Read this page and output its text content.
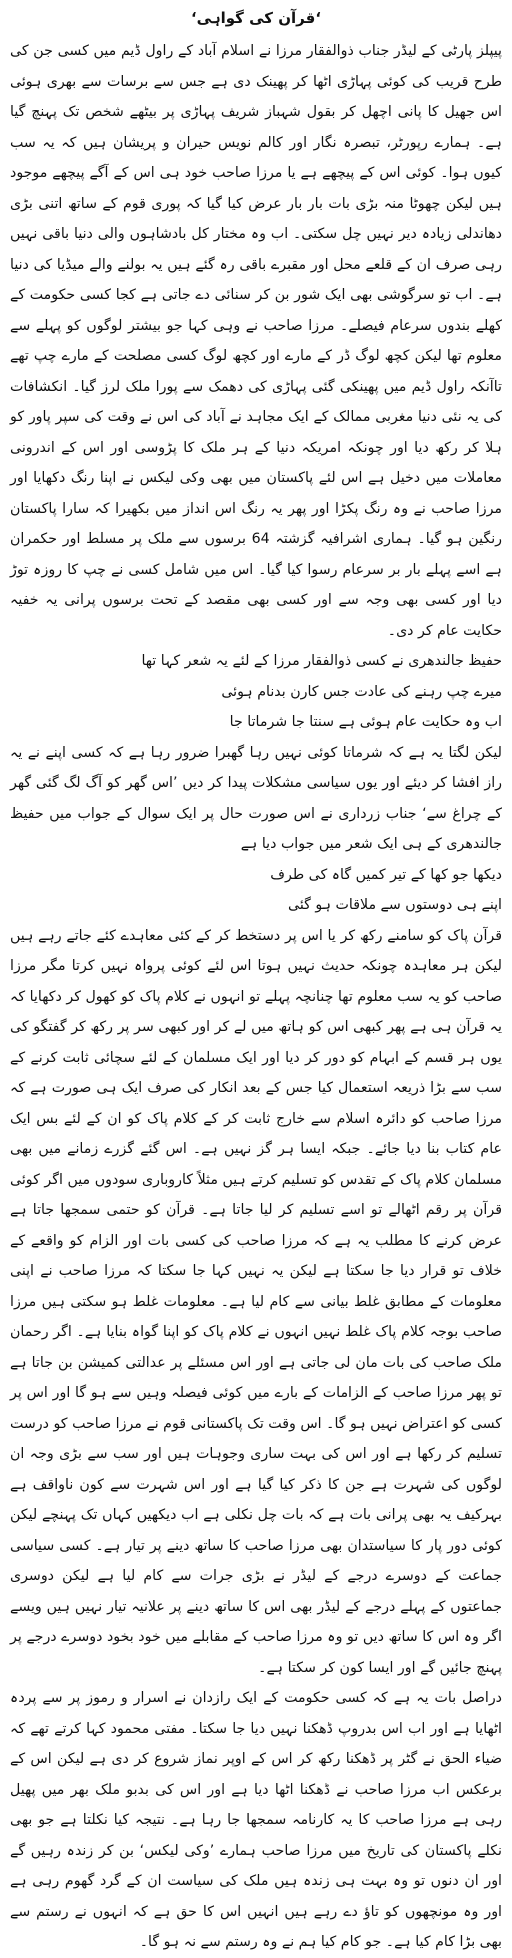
‘قرآن کی گواہی‘

پیپلز پارٹی کے لیڈر جناب ذوالفقار مرزا نے اسلام آباد کے راول ڈیم میں کسی جن کی طرح قریب کی کوئی پہاڑی اٹھا کر پھینک دی ہے جس سے برسات سے بھری ہوئی اس جھیل کا پانی اچھل کر بقول شہباز شریف پہاڑی پر بیٹھے شخص تک پہنچ گیا ہے۔ ہمارے رپورٹر، تبصرہ نگار اور کالم نویس حیران و پریشان ہیں کہ یہ سب کیوں ہوا۔ کوئی اس کے پیچھے ہے یا مرزا صاحب خود ہی اس کے آگے پیچھے موجود ہیں لیکن چھوٹا منہ بڑی بات بار بار عرض کیا گیا کہ پوری قوم کے ساتھ اتنی بڑی دھاندلی زیادہ دیر نہیں چل سکتی۔ اب وہ مختار کل بادشاہوں والی دنیا باقی نہیں رہی صرف ان کے قلعے محل اور مقبرے باقی رہ گئے ہیں یہ بولنے والے میڈیا کی دنیا ہے۔ اب تو سرگوشی بھی ایک شور بن کر سنائی دے جاتی ہے کجا کسی حکومت کے کھلے بندوں سرعام فیصلے۔ مرزا صاحب نے وہی کہا جو بیشتر لوگوں کو پہلے سے معلوم تھا لیکن کچھ لوگ ڈر کے مارے اور کچھ لوگ کسی مصلحت کے مارے چپ تھے تاآنکہ راول ڈیم میں پھینکی گئی پہاڑی کی دھمک سے پورا ملک لرز گیا۔ انکشافات کی یہ نئی دنیا مغربی ممالک کے ایک مجاہد نے آباد کی اس نے وقت کی سپر پاور کو ہلا کر رکھ دیا اور چونکہ امریکہ دنیا کے ہر ملک کا پڑوسی اور اس کے اندرونی معاملات میں دخیل ہے اس لئے پاکستان میں بھی وکی لیکس نے اپنا رنگ دکھایا اور مرزا صاحب نے وہ رنگ پکڑا اور پھر یہ رنگ اس انداز میں بکھیرا کہ سارا پاکستان رنگین ہو گیا۔ ہماری اشرافیہ گزشتہ 64 برسوں سے ملک پر مسلط اور حکمران ہے اسے پہلے بار بر سرعام رسوا کیا گیا۔ اس میں شامل کسی نے چپ کا روزہ توڑ دیا اور کسی بھی وجہ سے اور کسی بھی مقصد کے تحت برسوں پرانی یہ خفیہ حکایت عام کر دی۔

حفیظ جالندھری نے کسی ذوالفقار مرزا کے لئے یہ شعر کہا تھا

میرے چپ رہنے کی عادت جس کارن بدنام ہوئی
اب وہ حکایت عام ہوئی ہے سنتا جا شرماتا جا

لیکن لگتا یہ ہے کہ شرماتا کوئی نہیں رہا گھبرا ضرور رہا ہے کہ کسی اپنے نے یہ راز افشا کر دیئے اور یوں سیاسی مشکلات پیدا کر دیں ’اس گھر کو آگ لگ گئی گھر کے چراغ سے‘ جناب زرداری نے اس صورت حال پر ایک سوال کے جواب میں حفیظ جالندھری کے ہی ایک شعر میں جواب دیا ہے

دیکھا جو کھا کے تیر کمیں گاہ کی طرف
اپنے ہی دوستوں سے ملاقات ہو گئی

قرآن پاک کو سامنے رکھ کر یا اس پر دستخط کر کے کئی معاہدے کئے جاتے رہے ہیں لیکن ہر معاہدہ چونکہ حدیث نہیں ہوتا اس لئے کوئی پرواہ نہیں کرتا مگر مرزا صاحب کو یہ سب معلوم تھا چنانچہ پہلے تو انہوں نے کلام پاک کو کھول کر دکھایا کہ یہ قرآن ہی ہے پھر کبھی اس کو ہاتھ میں لے کر اور کبھی سر پر رکھ کر گفتگو کی یوں ہر قسم کے ابہام کو دور کر دیا اور ایک مسلمان کے لئے سچائی ثابت کرنے کے سب سے بڑا ذریعہ استعمال کیا جس کے بعد انکار کی صرف ایک ہی صورت ہے کہ مرزا صاحب کو دائرہ اسلام سے خارج ثابت کر کے کلام پاک کو ان کے لئے بس ایک عام کتاب بنا دیا جائے۔ جبکہ ایسا ہر گز نہیں ہے۔ اس گئے گزرے زمانے میں بھی مسلمان کلام پاک کے تقدس کو تسلیم کرتے ہیں مثلاً کاروباری سودوں میں اگر کوئی قرآن پر رقم اٹھالے تو اسے تسلیم کر لیا جاتا ہے۔ قرآن کو حتمی سمجھا جاتا ہے عرض کرنے کا مطلب یہ ہے کہ مرزا صاحب کی کسی بات اور الزام کو واقعے کے خلاف تو قرار دیا جا سکتا ہے لیکن یہ نہیں کہا جا سکتا کہ مرزا صاحب نے اپنی معلومات کے مطابق غلط بیانی سے کام لیا ہے۔ معلومات غلط ہو سکتی ہیں مرزا صاحب بوجہ کلام پاک غلط نہیں انہوں نے کلام پاک کو اپنا گواہ بنایا ہے۔ اگر رحمان ملک صاحب کی بات مان لی جاتی ہے اور اس مسئلے پر عدالتی کمیشن بن جاتا ہے تو پھر مرزا صاحب کے الزامات کے بارے میں کوئی فیصلہ وہیں سے ہو گا اور اس پر کسی کو اعتراض نہیں ہو گا۔ اس وقت تک پاکستانی قوم نے مرزا صاحب کو درست تسلیم کر رکھا ہے اور اس کی بہت ساری وجوہات ہیں اور سب سے بڑی وجہ ان لوگوں کی شہرت ہے جن کا ذکر کیا گیا ہے اور اس شہرت سے کون ناواقف ہے بہرکیف یہ بھی پرانی بات ہے کہ بات چل نکلی ہے اب دیکھیں کہاں تک پہنچے لیکن کوئی دور پار کا سیاستدان بھی مرزا صاحب کا ساتھ دینے پر تیار ہے۔ کسی سیاسی جماعت کے دوسرے درجے کے لیڈر نے بڑی جرات سے کام لیا ہے لیکن دوسری جماعتوں کے پہلے درجے کے لیڈر بھی اس کا ساتھ دینے پر علانیہ تیار نہیں ہیں ویسے اگر وہ اس کا ساتھ دیں تو وہ مرزا صاحب کے مقابلے میں خود بخود دوسرے درجے پر پہنچ جائیں گے اور ایسا کون کر سکتا ہے۔

دراصل بات یہ ہے کہ کسی حکومت کے ایک رازدان نے اسرار و رموز پر سے پردہ اٹھایا ہے اور اب اس بدروپ ڈھکنا نہیں دیا جا سکتا۔ مفتی محمود کہا کرتے تھے کہ ضیاء الحق نے گٹر پر ڈھکنا رکھ کر اس کے اوپر نماز شروع کر دی ہے لیکن اس کے برعکس اب مرزا صاحب نے ڈھکنا اٹھا دیا ہے اور اس کی بدبو ملک بھر میں پھیل رہی ہے مرزا صاحب کا یہ کارنامہ سمجھا جا رہا ہے۔ نتیجہ کیا نکلتا ہے جو بھی نکلے پاکستان کی تاریخ میں مرزا صاحب ہمارے ’وکی لیکس‘ بن کر زندہ رہیں گے اور ان دنوں تو وہ بہت ہی زندہ ہیں ملک کی سیاست ان کے گرد گھوم رہی ہے اور وہ مونچھوں کو تاؤ دے رہے ہیں انہیں اس کا حق ہے کہ انہوں نے رستم سے بھی بڑا کام کیا ہے۔ جو کام کیا ہم نے وہ رستم سے نہ ہو گا۔
